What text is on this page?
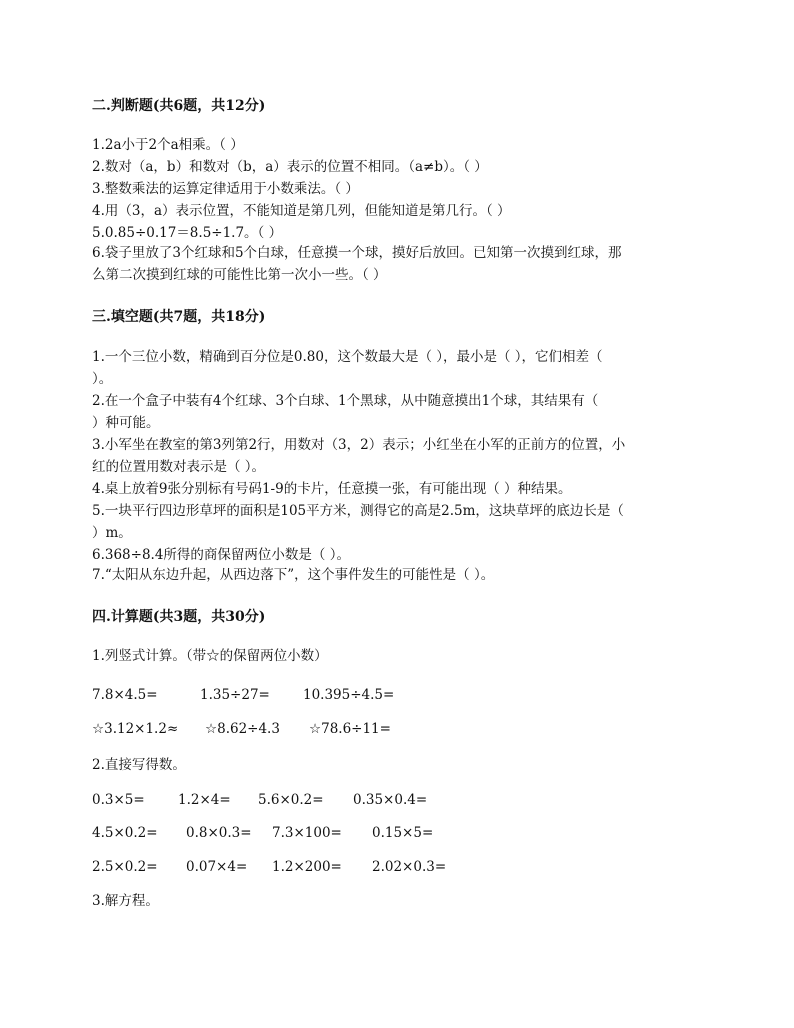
二.判断题(共6题，共12分)
1.2a小于2个a相乘。（ ）
2.数对（a，b）和数对（b，a）表示的位置不相同。（a≠b）。（ ）
3.整数乘法的运算定律适用于小数乘法。（ ）
4.用（3，a）表示位置，不能知道是第几列，但能知道是第几行。（ ）
5.0.85÷0.17＝8.5÷1.7。（ ）
6.袋子里放了3个红球和5个白球，任意摸一个球，摸好后放回。已知第一次摸到红球，那
么第二次摸到红球的可能性比第一次小一些。（ ）
三.填空题(共7题，共18分)
1.一个三位小数，精确到百分位是0.80，这个数最大是（ ），最小是（ ），它们相差（
）。
2.在一个盒子中装有4个红球、3个白球、1个黑球，从中随意摸出1个球，其结果有（
）种可能。
3.小军坐在教室的第3列第2行，用数对（3，2）表示；小红坐在小军的正前方的位置，小
红的位置用数对表示是（ ）。
4.桌上放着9张分别标有号码1-9的卡片，任意摸一张，有可能出现（ ）种结果。
5.一块平行四边形草坪的面积是105平方米，测得它的高是2.5m，这块草坪的底边长是（
）m。
6.368÷8.4所得的商保留两位小数是（ ）。
7.“太阳从东边升起，从西边落下”，这个事件发生的可能性是（ ）。
四.计算题(共3题，共30分)
1.列竖式计算。（带☆的保留两位小数）
7.8×4.5=	1.35÷27= 10.395÷4.5=
☆3.12×1.2≈ ☆8.62÷4.3 ☆78.6÷11=
2.直接写得数。
0.3×5= 1.2×4= 5.6×0.2= 0.35×0.4=
4.5×0.2= 0.8×0.3= 7.3×100= 0.15×5=
2.5×0.2= 0.07×4= 1.2×200= 2.02×0.3=
3.解方程。
